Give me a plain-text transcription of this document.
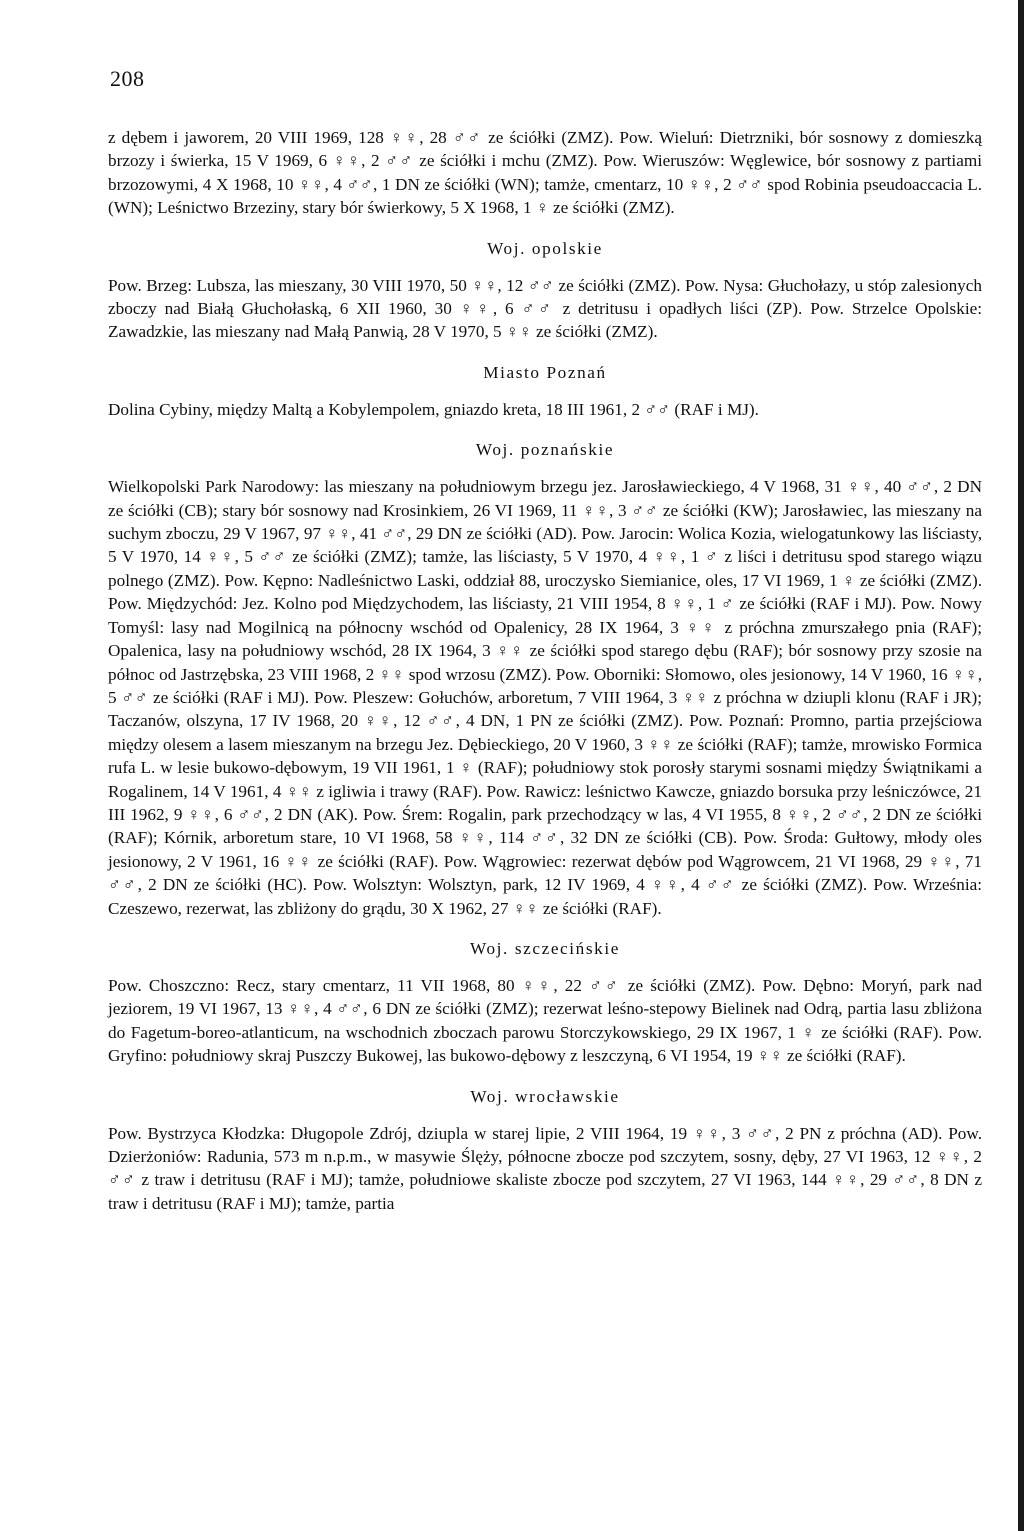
208

z dębem i jaworem, 20 VIII 1969, 128 ♀♀, 28 ♂♂ ze ściółki (ZMZ). Pow. Wieluń: Dietrzniki, bór sosnowy z domieszką brzozy i świerka, 15 V 1969, 6 ♀♀, 2 ♂♂ ze ściółki i mchu (ZMZ). Pow. Wieruszów: Węglewice, bór sosnowy z partiami brzozowymi, 4 X 1968, 10 ♀♀, 4 ♂♂, 1 DN ze ściółki (WN); tamże, cmentarz, 10 ♀♀, 2 ♂♂ spod Robinia pseudoaccacia L. (WN); Leśnictwo Brzeziny, stary bór świerkowy, 5 X 1968, 1 ♀ ze ściółki (ZMZ).

Woj. opolskie

Pow. Brzeg: Lubsza, las mieszany, 30 VIII 1970, 50 ♀♀, 12 ♂♂ ze ściółki (ZMZ). Pow. Nysa: Głuchołazy, u stóp zalesionych zboczy nad Białą Głuchołaską, 6 XII 1960, 30 ♀♀, 6 ♂♂ z detritusu i opadłych liści (ZP). Pow. Strzelce Opolskie: Zawadzkie, las mieszany nad Małą Panwią, 28 V 1970, 5 ♀♀ ze ściółki (ZMZ).

Miasto Poznań

Dolina Cybiny, między Maltą a Kobylempolem, gniazdo kreta, 18 III 1961, 2 ♂♂ (RAF i MJ).

Woj. poznańskie

Wielkopolski Park Narodowy: las mieszany na południowym brzegu jez. Jarosławieckiego, 4 V 1968, 31 ♀♀, 40 ♂♂, 2 DN ze ściółki (CB); stary bór sosnowy nad Krosinkiem, 26 VI 1969, 11 ♀♀, 3 ♂♂ ze ściółki (KW); Jarosławiec, las mieszany na suchym zboczu, 29 V 1967, 97 ♀♀, 41 ♂♂, 29 DN ze ściółki (AD). Pow. Jarocin: Wolica Kozia, wielogatunkowy las liściasty, 5 V 1970, 14 ♀♀, 5 ♂♂ ze ściółki (ZMZ); tamże, las liściasty, 5 V 1970, 4 ♀♀, 1 ♂ z liści i detritusu spod starego wiązu polnego (ZMZ). Pow. Kępno: Nadleśnictwo Laski, oddział 88, uroczysko Siemianice, oles, 17 VI 1969, 1 ♀ ze ściółki (ZMZ). Pow. Międzychód: Jez. Kolno pod Międzychodem, las liściasty, 21 VIII 1954, 8 ♀♀, 1 ♂ ze ściółki (RAF i MJ). Pow. Nowy Tomyśl: lasy nad Mogilnicą na północny wschód od Opalenicy, 28 IX 1964, 3 ♀♀ z próchna zmurszałego pnia (RAF); Opalenica, lasy na południowy wschód, 28 IX 1964, 3 ♀♀ ze ściółki spod starego dębu (RAF); bór sosnowy przy szosie na północ od Jastrzębska, 23 VIII 1968, 2 ♀♀ spod wrzosu (ZMZ). Pow. Oborniki: Słomowo, oles jesionowy, 14 V 1960, 16 ♀♀, 5 ♂♂ ze ściółki (RAF i MJ). Pow. Pleszew: Gołuchów, arboretum, 7 VIII 1964, 3 ♀♀ z próchna w dziupli klonu (RAF i JR); Taczanów, olszyna, 17 IV 1968, 20 ♀♀, 12 ♂♂, 4 DN, 1 PN ze ściółki (ZMZ). Pow. Poznań: Promno, partia przejściowa między olesem a lasem mieszanym na brzegu Jez. Dębieckiego, 20 V 1960, 3 ♀♀ ze ściółki (RAF); tamże, mrowisko Formica rufa L. w lesie bukowo-dębowym, 19 VII 1961, 1 ♀ (RAF); południowy stok porosły starymi sosnami między Świątnikami a Rogalinem, 14 V 1961, 4 ♀♀ z igliwia i trawy (RAF). Pow. Rawicz: leśnictwo Kawcze, gniazdo borsuka przy leśniczówce, 21 III 1962, 9 ♀♀, 6 ♂♂, 2 DN (AK). Pow. Śrem: Rogalin, park przechodzący w las, 4 VI 1955, 8 ♀♀, 2 ♂♂, 2 DN ze ściółki (RAF); Kórnik, arboretum stare, 10 VI 1968, 58 ♀♀, 114 ♂♂, 32 DN ze ściółki (CB). Pow. Środa: Gułtowy, młody oles jesionowy, 2 V 1961, 16 ♀♀ ze ściółki (RAF). Pow. Wągrowiec: rezerwat dębów pod Wągrowcem, 21 VI 1968, 29 ♀♀, 71 ♂♂, 2 DN ze ściółki (HC). Pow. Wolsztyn: Wolsztyn, park, 12 IV 1969, 4 ♀♀, 4 ♂♂ ze ściółki (ZMZ). Pow. Września: Czeszewo, rezerwat, las zbliżony do grądu, 30 X 1962, 27 ♀♀ ze ściółki (RAF).

Woj. szczecińskie

Pow. Choszczno: Recz, stary cmentarz, 11 VII 1968, 80 ♀♀, 22 ♂♂ ze ściółki (ZMZ). Pow. Dębno: Moryń, park nad jeziorem, 19 VI 1967, 13 ♀♀, 4 ♂♂, 6 DN ze ściółki (ZMZ); rezerwat leśno-stepowy Bielinek nad Odrą, partia lasu zbliżona do Fagetum-boreo-atlanticum, na wschodnich zboczach parowu Storczykowskiego, 29 IX 1967, 1 ♀ ze ściółki (RAF). Pow. Gryfino: południowy skraj Puszczy Bukowej, las bukowo-dębowy z leszczyną, 6 VI 1954, 19 ♀♀ ze ściółki (RAF).

Woj. wrocławskie

Pow. Bystrzyca Kłodzka: Długopole Zdrój, dziupla w starej lipie, 2 VIII 1964, 19 ♀♀, 3 ♂♂, 2 PN z próchna (AD). Pow. Dzierżoniów: Radunia, 573 m n.p.m., w masywie Ślęży, północne zbocze pod szczytem, sosny, dęby, 27 VI 1963, 12 ♀♀, 2 ♂♂ z traw i detritusu (RAF i MJ); tamże, południowe skaliste zbocze pod szczytem, 27 VI 1963, 144 ♀♀, 29 ♂♂, 8 DN z traw i detritusu (RAF i MJ); tamże, partia
